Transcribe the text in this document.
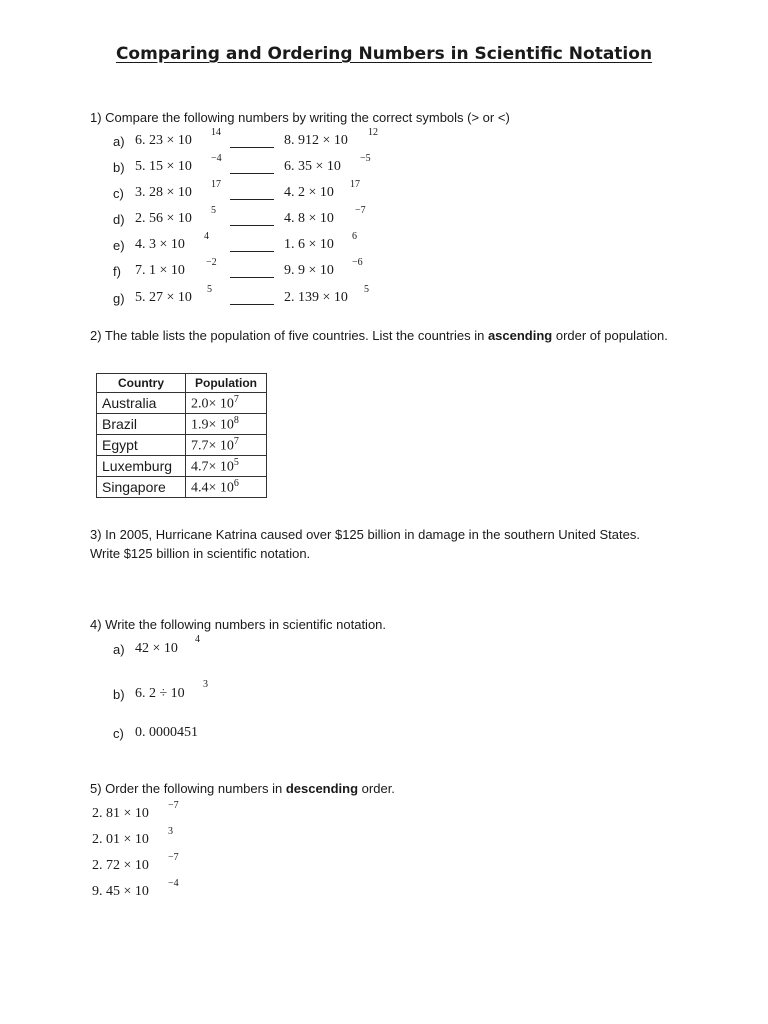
Comparing and Ordering Numbers in Scientific Notation
1) Compare the following numbers by writing the correct symbols (> or <)
a) 6. 23 × 10
14
8. 912 × 10
12
b) 5. 15 × 10
−4
6. 35 × 10
−5
c) 3. 28 × 10
17
4. 2 × 10
17
d) 2. 56 × 10
5
4. 8 × 10
−7
e) 4. 3 × 10
4
1. 6 × 10
6
f) 7. 1 × 10
−2
9. 9 × 10
−6
g) 5. 27 × 10
5
2. 139 × 10
5
2) The table lists the population of five countries. List the countries in ascending order of population.
Country	Population
Australia	$2.0\times 10^7$
Brazil	$1.9\times 10^8$
Egypt	$7.7\times 10^7$
Luxemburg	$4.7\times 10^5$
Singapore	$4.4\times 10^6$
3) In 2005, Hurricane Katrina caused over $125 billion in damage in the southern United States.
Write $125 billion in scientific notation.
4) Write the following numbers in scientific notation.
a) 42 × 10
4
b) 6. 2 ÷ 10
3
c) 0. 0000451
5) Order the following numbers in descending order.
2. 81 × 10
−7
2. 01 × 10
3
2. 72 × 10
−7
9. 45 × 10
−4
